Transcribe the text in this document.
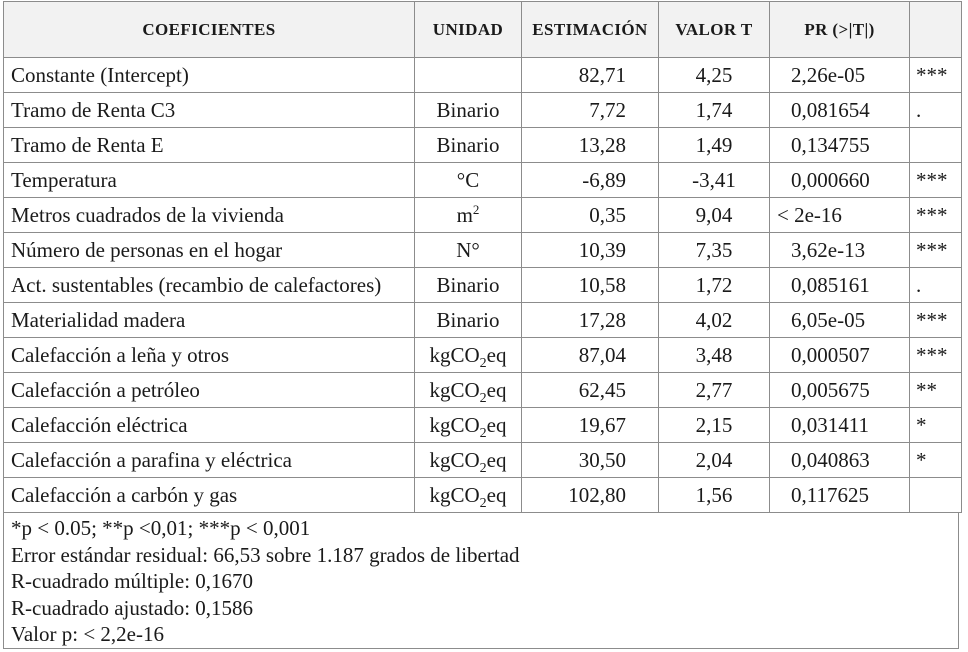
COEFICIENTES	UNIDAD	ESTIMACIÓN	VALOR T	PR (>|T|)	
Constante (Intercept)		82,71	4,25	2,26e-05	***
Tramo de Renta C3	Binario	7,72	1,74	0,081654	.
Tramo de Renta E	Binario	13,28	1,49	0,134755	
Temperatura	°C	-6,89	-3,41	0,000660	***
Metros cuadrados de la vivienda	$m^2$	0,35	9,04	< 2e-16	***
Número de personas en el hogar	N°	10,39	7,35	3,62e-13	***
Act. sustentables (recambio de calefactores)	Binario	10,58	1,72	0,085161	.
Materialidad madera	Binario	17,28	4,02	6,05e-05	***
Calefacción a leña y otros	kgCO$_2$eq	87,04	3,48	0,000507	***
Calefacción a petróleo	kgCO$_2$eq	62,45	2,77	0,005675	**
Calefacción eléctrica	kgCO$_2$eq	19,67	2,15	0,031411	*
Calefacción a parafina y eléctrica	kgCO$_2$eq	30,50	2,04	0,040863	*
Calefacción a carbón y gas	kgCO$_2$eq	102,80	1,56	0,117625	
*p < 0.05; **p <0,01; ***p < 0,001
Error estándar residual: 66,53 sobre 1.187 grados de libertad
R-cuadrado múltiple: 0,1670
R-cuadrado ajustado: 0,1586
Valor p: < 2,2e-16
